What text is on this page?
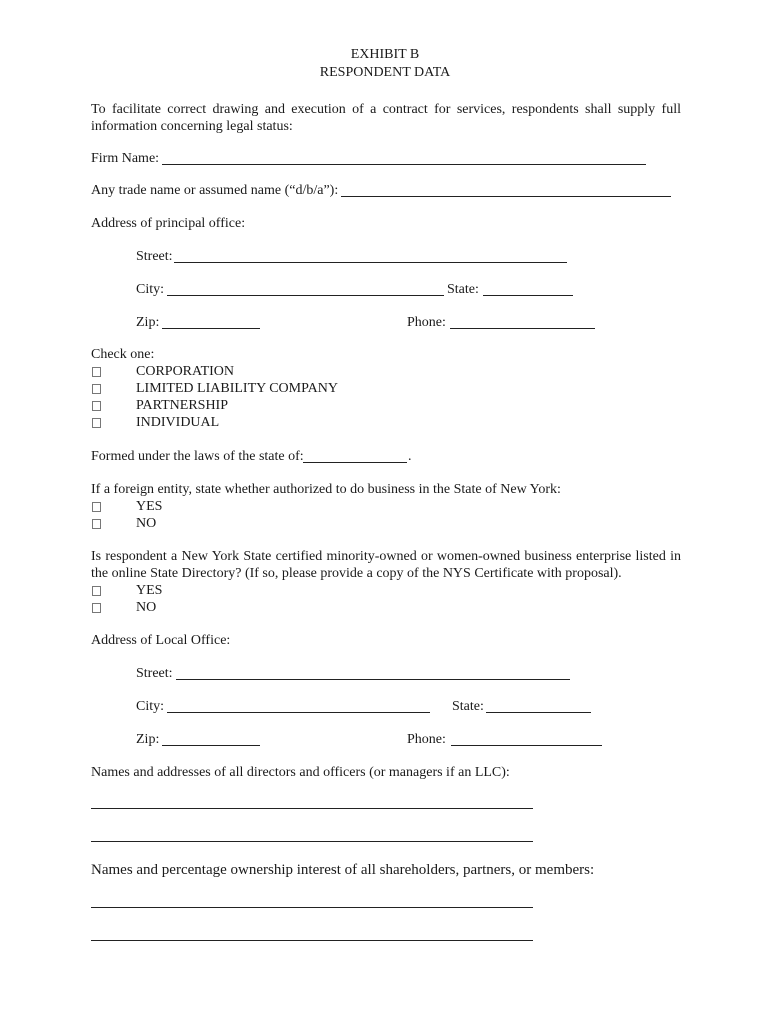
EXHIBIT B
RESPONDENT DATA
To facilitate correct drawing and execution of a contract for services, respondents shall supply full
information concerning legal status:
Firm Name:
Any trade name or assumed name (“d/b/a”):
Address of principal office:
Street:
City:	State:
Zip:	Phone:
Check one:
CORPORATION
LIMITED LIABILITY COMPANY
PARTNERSHIP
INDIVIDUAL
Formed under the laws of the state of:	.
If a foreign entity, state whether authorized to do business in the State of New York:
YES
NO
Is respondent a New York State certified minority-owned or women-owned business enterprise listed in
the online State Directory? (If so, please provide a copy of the NYS Certificate with proposal).
YES
NO
Address of Local Office:
Street:
City:	State:
Zip:	Phone:
Names and addresses of all directors and officers (or managers if an LLC):
Names and percentage ownership interest of all shareholders, partners, or members:
